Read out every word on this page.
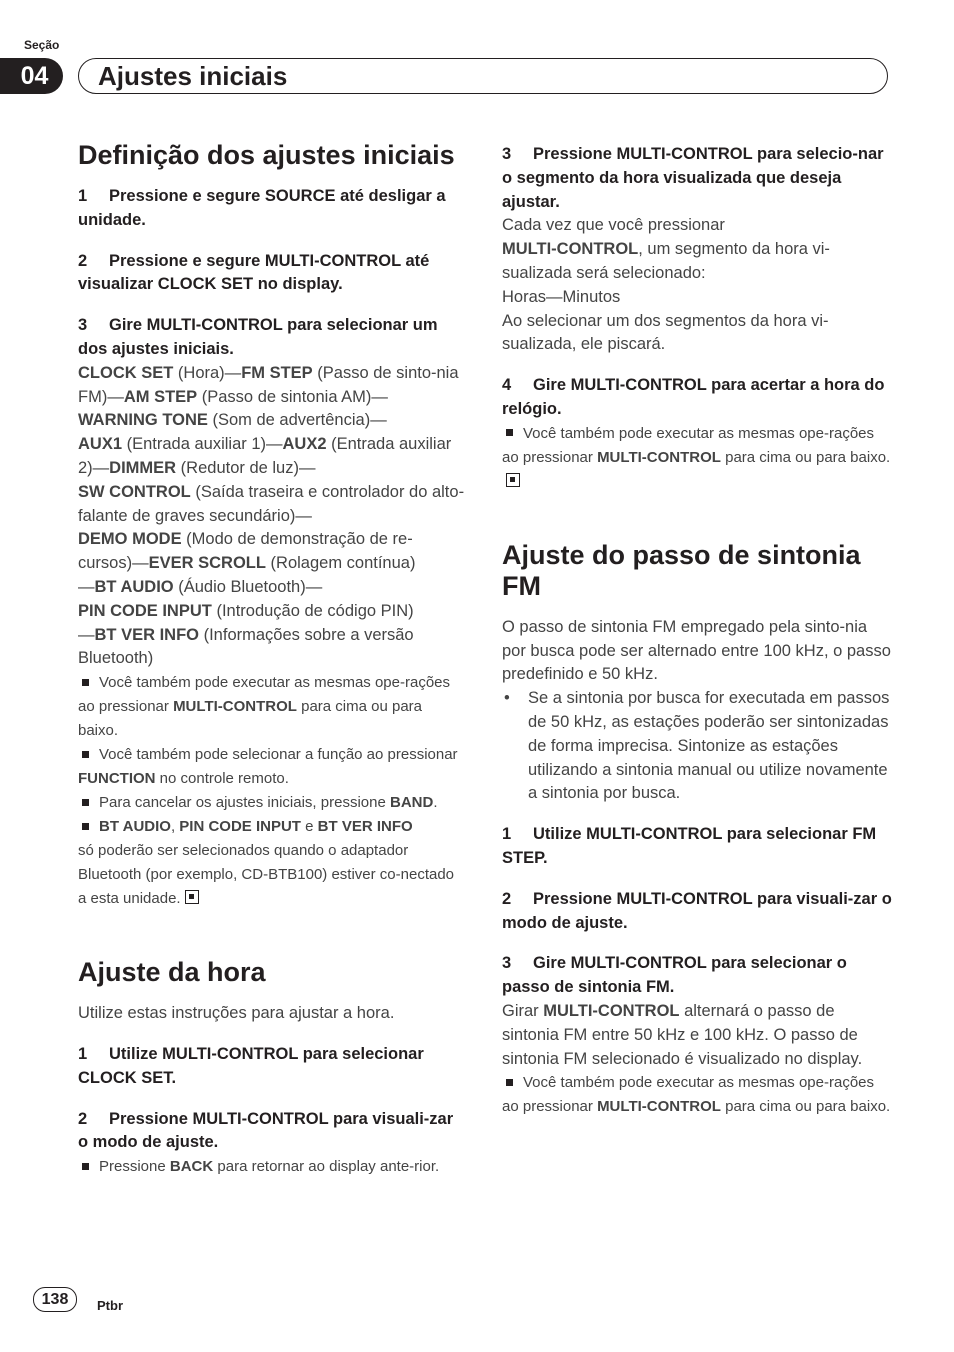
Seção
04	Ajustes iniciais
Definição dos ajustes iniciais

1 Pressione e segure SOURCE até desligar a unidade.

2 Pressione e segure MULTI-CONTROL até visualizar CLOCK SET no display.

3 Gire MULTI-CONTROL para selecionar um dos ajustes iniciais.

CLOCK SET (Hora)—FM STEP (Passo de sinto-nia FM)—AM STEP (Passo de sintonia AM)—
WARNING TONE (Som de advertência)—
AUX1 (Entrada auxiliar 1)—AUX2 (Entrada auxiliar 2)—DIMMER (Redutor de luz)—
SW CONTROL (Saída traseira e controlador do alto-falante de graves secundário)—
DEMO MODE (Modo de demonstração de re-cursos)—EVER SCROLL (Rolagem contínua)
—BT AUDIO (Áudio Bluetooth)—
PIN CODE INPUT (Introdução de código PIN)
—BT VER INFO (Informações sobre a versão Bluetooth)

Você também pode executar as mesmas ope-rações ao pressionar MULTI-CONTROL para cima ou para baixo.

Você também pode selecionar a função ao pressionar FUNCTION no controle remoto.

Para cancelar os ajustes iniciais, pressione BAND.

BT AUDIO, PIN CODE INPUT e BT VER INFO
só poderão ser selecionados quando o adaptador Bluetooth (por exemplo, CD-BTB100) estiver co-nectado a esta unidade.

Ajuste da hora

Utilize estas instruções para ajustar a hora.

1 Utilize MULTI-CONTROL para selecionar CLOCK SET.

2 Pressione MULTI-CONTROL para visuali-zar o modo de ajuste.

Pressione BACK para retornar ao display ante-rior.

3 Pressione MULTI-CONTROL para selecio-nar o segmento da hora visualizada que deseja ajustar.

Cada vez que você pressionar
MULTI-CONTROL, um segmento da hora vi-sualizada será selecionado:

Horas—Minutos

Ao selecionar um dos segmentos da hora vi-sualizada, ele piscará.

4 Gire MULTI-CONTROL para acertar a hora do relógio.

Você também pode executar as mesmas ope-rações ao pressionar MULTI-CONTROL para cima ou para baixo.

Ajuste do passo de sintonia FM

O passo de sintonia FM empregado pela sinto-nia por busca pode ser alternado entre 100 kHz, o passo predefinido e 50 kHz.

• Se a sintonia por busca for executada em passos de 50 kHz, as estações poderão ser sintonizadas de forma imprecisa. Sintonize as estações utilizando a sintonia manual ou utilize novamente a sintonia por busca.

1 Utilize MULTI-CONTROL para selecionar FM STEP.

2 Pressione MULTI-CONTROL para visuali-zar o modo de ajuste.

3 Gire MULTI-CONTROL para selecionar o passo de sintonia FM.

Girar MULTI-CONTROL alternará o passo de sintonia FM entre 50 kHz e 100 kHz. O passo de sintonia FM selecionado é visualizado no display.

Você também pode executar as mesmas ope-rações ao pressionar MULTI-CONTROL para cima ou para baixo.

138	Ptbr
